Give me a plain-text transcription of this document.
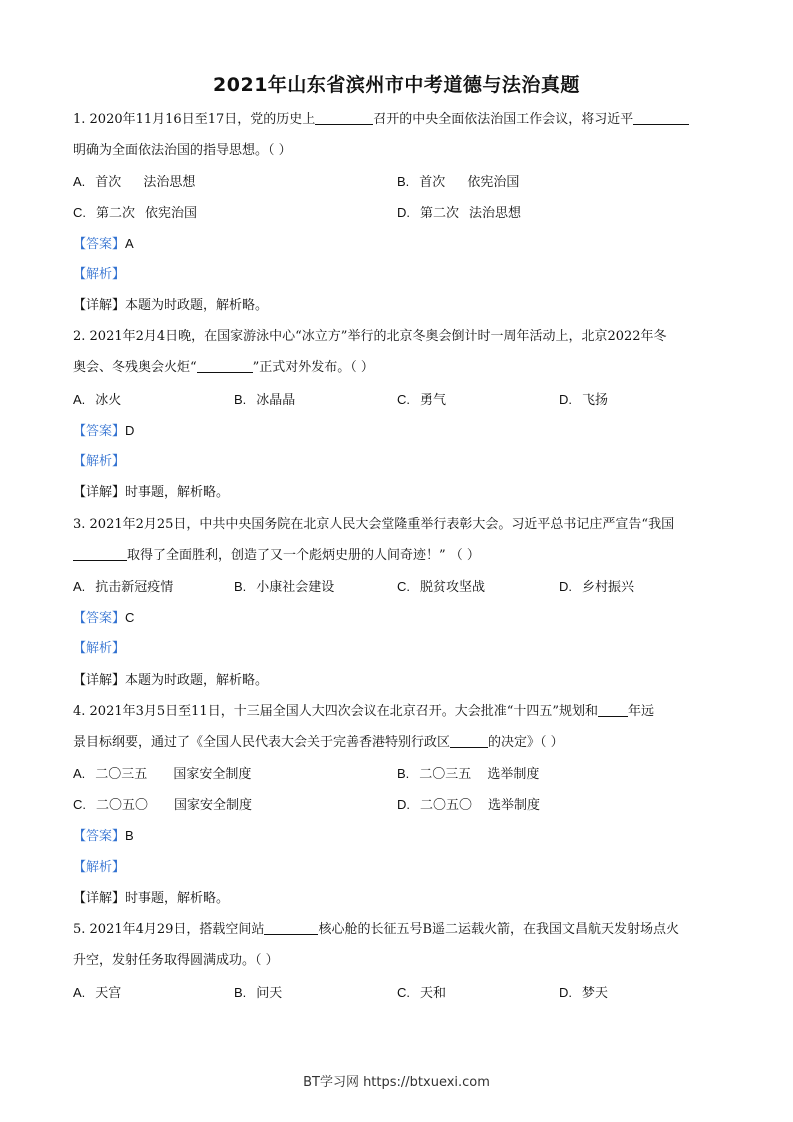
2021年山东省滨州市中考道德与法治真题
1. 2020年11月16日至17日，党的历史上	召开的中央全面依法治国工作会议，将习近平
明确为全面依法治国的指导思想。（ ）
A. 首次 法治思想	B. 首次 依宪治国
C. 第二次 依宪治国	D. 第二次 法治思想
【答案】A
【解析】
【详解】本题为时政题，解析略。
2. 2021年2月4日晚，在国家游泳中心“冰立方”举行的北京冬奥会倒计时一周年活动上，北京2022年冬
奥会、冬残奥会火炬“	”正式对外发布。（ ）
A. 冰火	B. 冰晶晶	C. 勇气	D. 飞扬
【答案】D
【解析】
【详解】时事题，解析略。
3. 2021年2月25日，中共中央国务院在北京人民大会堂隆重举行表彰大会。习近平总书记庄严宣告“我国
取得了全面胜利，创造了又一个彪炳史册的人间奇迹！” （ ）
A. 抗击新冠疫情	B. 小康社会建设	C. 脱贫攻坚战	D. 乡村振兴
【答案】C
【解析】
【详解】本题为时政题，解析略。
4. 2021年3月5日至11日，十三届全国人大四次会议在北京召开。大会批准“十四五”规划和 年远
景目标纲要，通过了《全国人民代表大会关于完善香港特别行政区	的决定》（ ）
A. 二〇三五 国家安全制度	B. 二〇三五 选举制度
C. 二〇五〇 国家安全制度	D. 二〇五〇 选举制度
【答案】B
【解析】
【详解】时事题，解析略。
5. 2021年4月29日，搭载空间站	核心舱的长征五号B遥二运载火箭，在我国文昌航天发射场点火
升空，发射任务取得圆满成功。（ ）
A. 天宫	B. 问天	C. 天和	D. 梦天
BT学习网 https://btxuexi.com
